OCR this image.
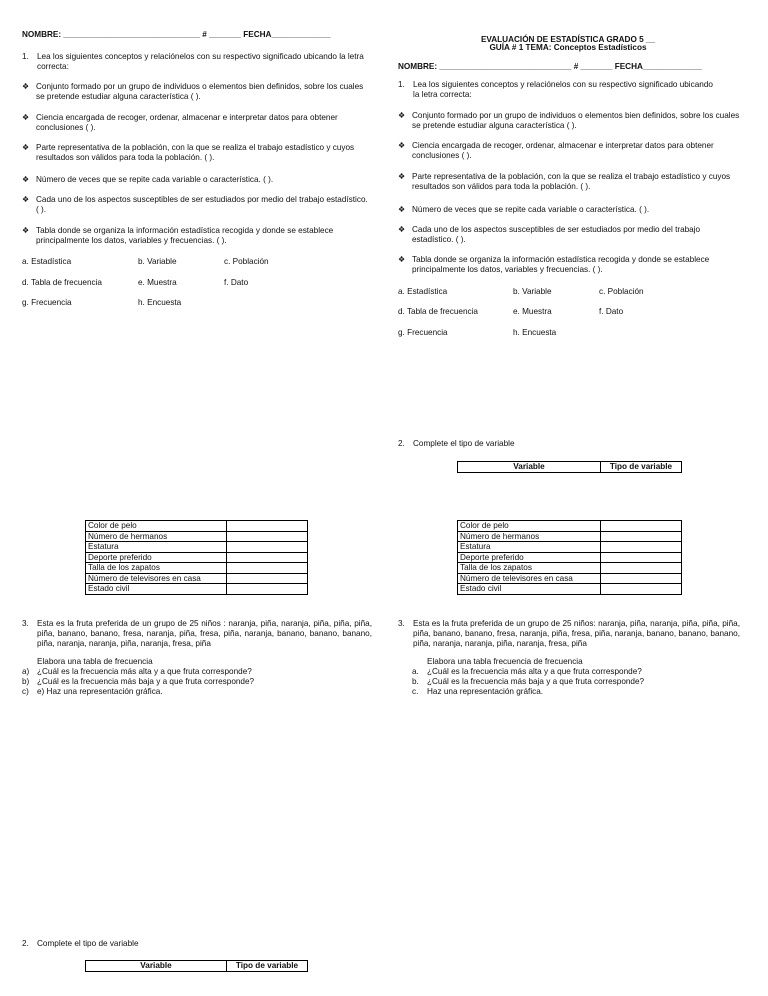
NOMBRE: ______________________________ # _______ FECHA_____________
1. Lea los siguientes conceptos y relaciónelos con su respectivo significado ubicando la letra correcta:
❖ Conjunto formado por un grupo de individuos o elementos bien definidos, sobre los cuales se pretende estudiar alguna característica ( ).
❖ Ciencia encargada de recoger, ordenar, almacenar e interpretar datos para obtener conclusiones ( ).
❖ Parte representativa de la población, con la que se realiza el trabajo estadístico y cuyos resultados son válidos para toda la población. ( ).
❖ Número de veces que se repite cada variable o característica. ( ).
❖ Cada uno de los aspectos susceptibles de ser estudiados por medio del trabajo estadístico. ( ).
❖ Tabla donde se organiza la información estadística recogida y donde se establece principalmente los datos, variables y frecuencias. ( ).
a. Estadística	b. Variable	c. Población
d. Tabla de frecuencia	e. Muestra	f. Dato
g. Frecuencia	h. Encuesta
Color de pelo	
Número de hermanos	
Estatura	
Deporte preferido	
Talla de los zapatos	
Número de televisores en casa	
Estado civil	
3. Esta es la fruta preferida de un grupo de 25 niños : naranja, piña, naranja, piña, piña, piña, piña, banano, banano, fresa, naranja, piña, fresa, piña, naranja, banano, banano, banano, piña, naranja, naranja, piña, naranja, fresa, piña
Elabora una tabla de frecuencia
a) ¿Cuál es la frecuencia más alta y a que fruta corresponde?
b) ¿Cuál es la frecuencia más baja y a que fruta corresponde?
c) e) Haz una representación gráfica.
2. Complete el tipo de variable
Variable	Tipo de variable
EVALUACIÓN DE ESTADÍSTICA GRADO 5 __
GUÍA # 1 TEMA: Conceptos Estadísticos
NOMBRE: _____________________________ # _______ FECHA_____________
1. Lea los siguientes conceptos y relaciónelos con su respectivo significado ubicando la letra correcta:
❖ Conjunto formado por un grupo de individuos o elementos bien definidos, sobre los cuales se pretende estudiar alguna característica ( ).
❖ Ciencia encargada de recoger, ordenar, almacenar e interpretar datos para obtener conclusiones ( ).
❖ Parte representativa de la población, con la que se realiza el trabajo estadístico y cuyos resultados son válidos para toda la población. ( ).
❖ Número de veces que se repite cada variable o característica. ( ).
❖ Cada uno de los aspectos susceptibles de ser estudiados por medio del trabajo estadístico. ( ).
❖ Tabla donde se organiza la información estadística recogida y donde se establece principalmente los datos, variables y frecuencias. ( ).
a. Estadística	b. Variable	c. Población
d. Tabla de frecuencia	e. Muestra	f. Dato
g. Frecuencia	h. Encuesta
2. Complete el tipo de variable
Variable	Tipo de variable
Color de pelo	
Número de hermanos	
Estatura	
Deporte preferido	
Talla de los zapatos	
Número de televisores en casa	
Estado civil	
3. Esta es la fruta preferida de un grupo de 25 niños: naranja, piña, naranja, piña, piña, piña, piña, banano, banano, fresa, naranja, piña, fresa, piña, naranja, banano, banano, banano, piña, naranja, naranja, piña, naranja, fresa, piña
Elabora una tabla frecuencia de frecuencia
a. ¿Cuál es la frecuencia más alta y a que fruta corresponde?
b. ¿Cuál es la frecuencia más baja y a que fruta corresponde?
c.	Haz una representación gráfica.
